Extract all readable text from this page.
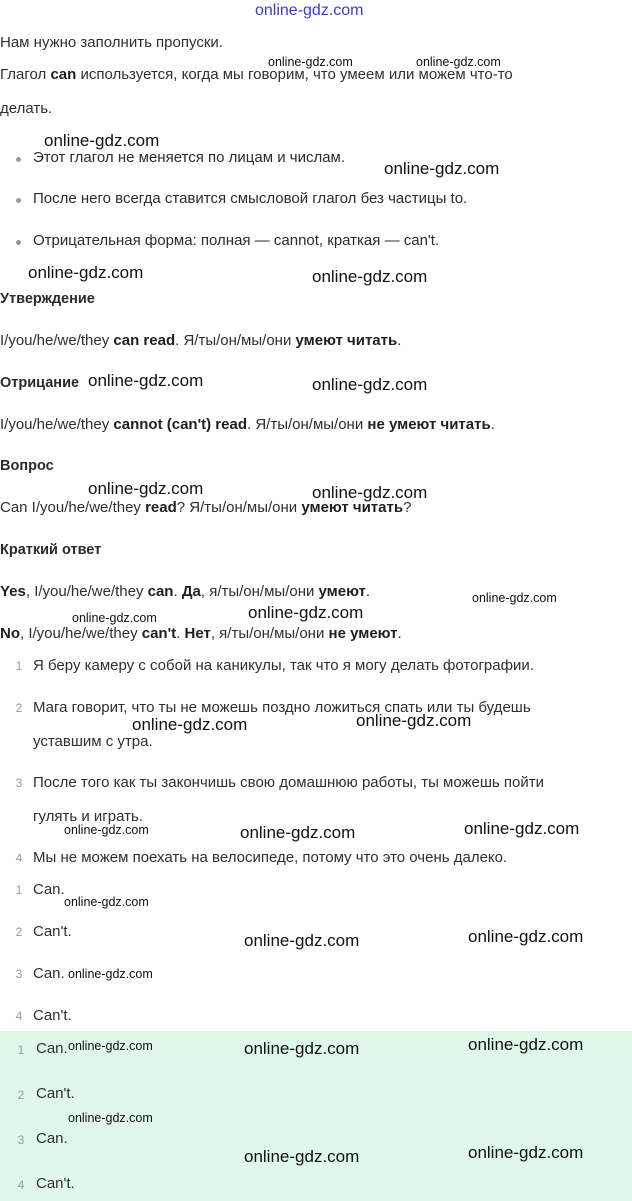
online-gdz.com
Нам нужно заполнить пропуски.
Глагол can используется, когда мы говорим, что умеем или можем что-то
делать.
Этот глагол не меняется по лицам и числам.
После него всегда ставится смысловой глагол без частицы to.
Отрицательная форма: полная — cannot, краткая — can't.
Утверждение
I/you/he/we/they can read. Я/ты/он/мы/они умеют читать.
Отрицание
I/you/he/we/they cannot (can't) read. Я/ты/он/мы/они не умеют читать.
Вопрос
Can I/you/he/we/they read? Я/ты/он/мы/они умеют читать?
Краткий ответ
Yes, I/you/he/we/they can. Да, я/ты/он/мы/они умеют.
No, I/you/he/we/they can't. Нет, я/ты/он/мы/они не умеют.
1 Я беру камеру с собой на каникулы, так что я могу делать фотографии.
2 Мага говорит, что ты не можешь поздно ложиться спать или ты будешь
уставшим с утра.
3 После того как ты закончишь свою домашнюю работы, ты можешь пойти
гулять и играть.
4 Мы не можем поехать на велосипеде, потому что это очень далеко.
1 Can.
2 Can't.
3 Can.
4 Can't.
1 Can.
2 Can't.
3 Can.
4 Can't.
online-gdz.com	online-gdz.com
online-gdz.com
online-gdz.com
online-gdz.com	online-gdz.com
online-gdz.com	online-gdz.com
online-gdz.com	online-gdz.com
online-gdz.com
online-gdz.com
online-gdz.com
online-gdz.com	online-gdz.com
online-gdz.com	online-gdz.com	online-gdz.com
online-gdz.com
online-gdz.com	online-gdz.com
online-gdz.com
online-gdz.com	online-gdz.com	online-gdz.com
online-gdz.com
online-gdz.com	online-gdz.com
